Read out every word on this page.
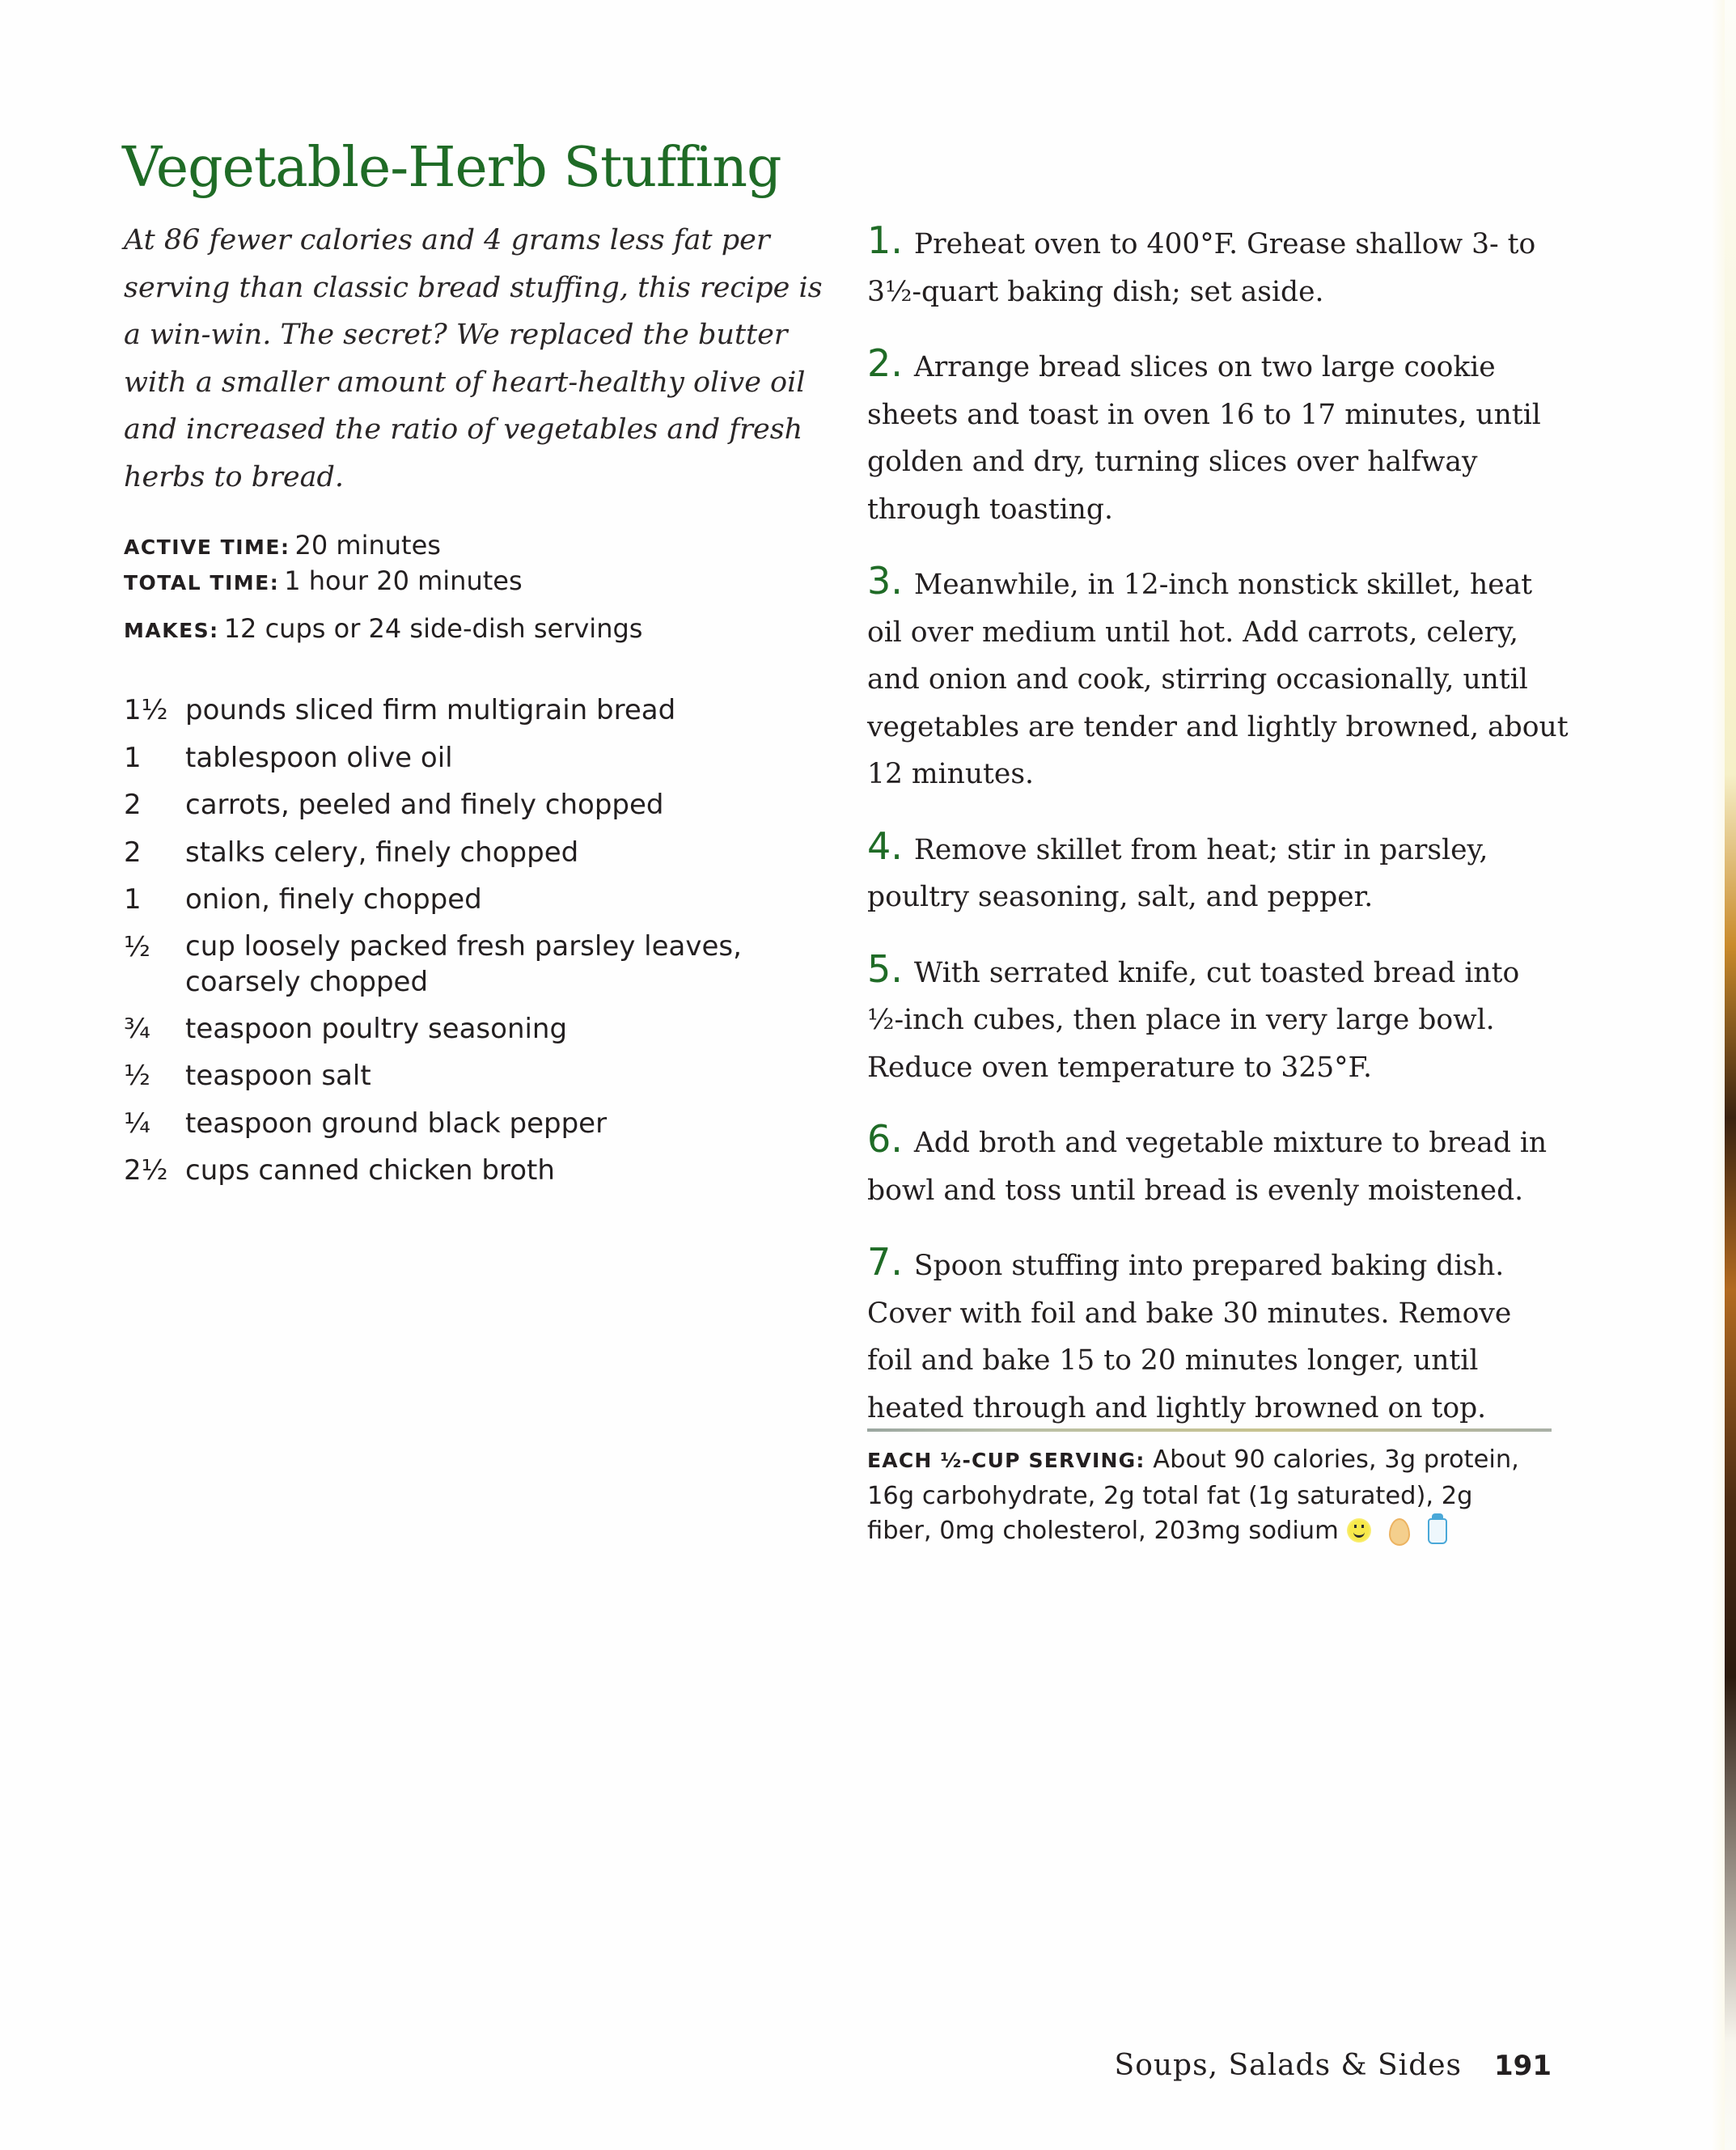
Vegetable-Herb Stuffing
At 86 fewer calories and 4 grams less fat per
serving than classic bread stuffing, this recipe is
a win-win. The secret? We replaced the butter
with a smaller amount of heart-healthy olive oil
and increased the ratio of vegetables and fresh
herbs to bread.
ACTIVE TIME: 20 minutes
TOTAL TIME: 1 hour 20 minutes
MAKES: 12 cups or 24 side-dish servings
1½ pounds sliced firm multigrain bread
1	tablespoon olive oil
2	carrots, peeled and finely chopped
2	stalks celery, finely chopped
1	onion, finely chopped
½	cup loosely packed fresh parsley leaves, coarsely chopped
¾	teaspoon poultry seasoning
½	teaspoon salt
¼	teaspoon ground black pepper
2½ cups canned chicken broth
1. Preheat oven to 400°F. Grease shallow 3- to
3½-quart baking dish; set aside.
2. Arrange bread slices on two large cookie
sheets and toast in oven 16 to 17 minutes, until
golden and dry, turning slices over halfway
through toasting.
3. Meanwhile, in 12-inch nonstick skillet, heat
oil over medium until hot. Add carrots, celery,
and onion and cook, stirring occasionally, until
vegetables are tender and lightly browned, about
12 minutes.
4. Remove skillet from heat; stir in parsley,
poultry seasoning, salt, and pepper.
5. With serrated knife, cut toasted bread into
½-inch cubes, then place in very large bowl.
Reduce oven temperature to 325°F.
6. Add broth and vegetable mixture to bread in
bowl and toss until bread is evenly moistened.
7. Spoon stuffing into prepared baking dish.
Cover with foil and bake 30 minutes. Remove
foil and bake 15 to 20 minutes longer, until
heated through and lightly browned on top.
EACH ½-CUP SERVING: About 90 calories, 3g protein,
16g carbohydrate, 2g total fat (1g saturated), 2g
fiber, 0mg cholesterol, 203mg sodium
Soups, Salads & Sides 191
